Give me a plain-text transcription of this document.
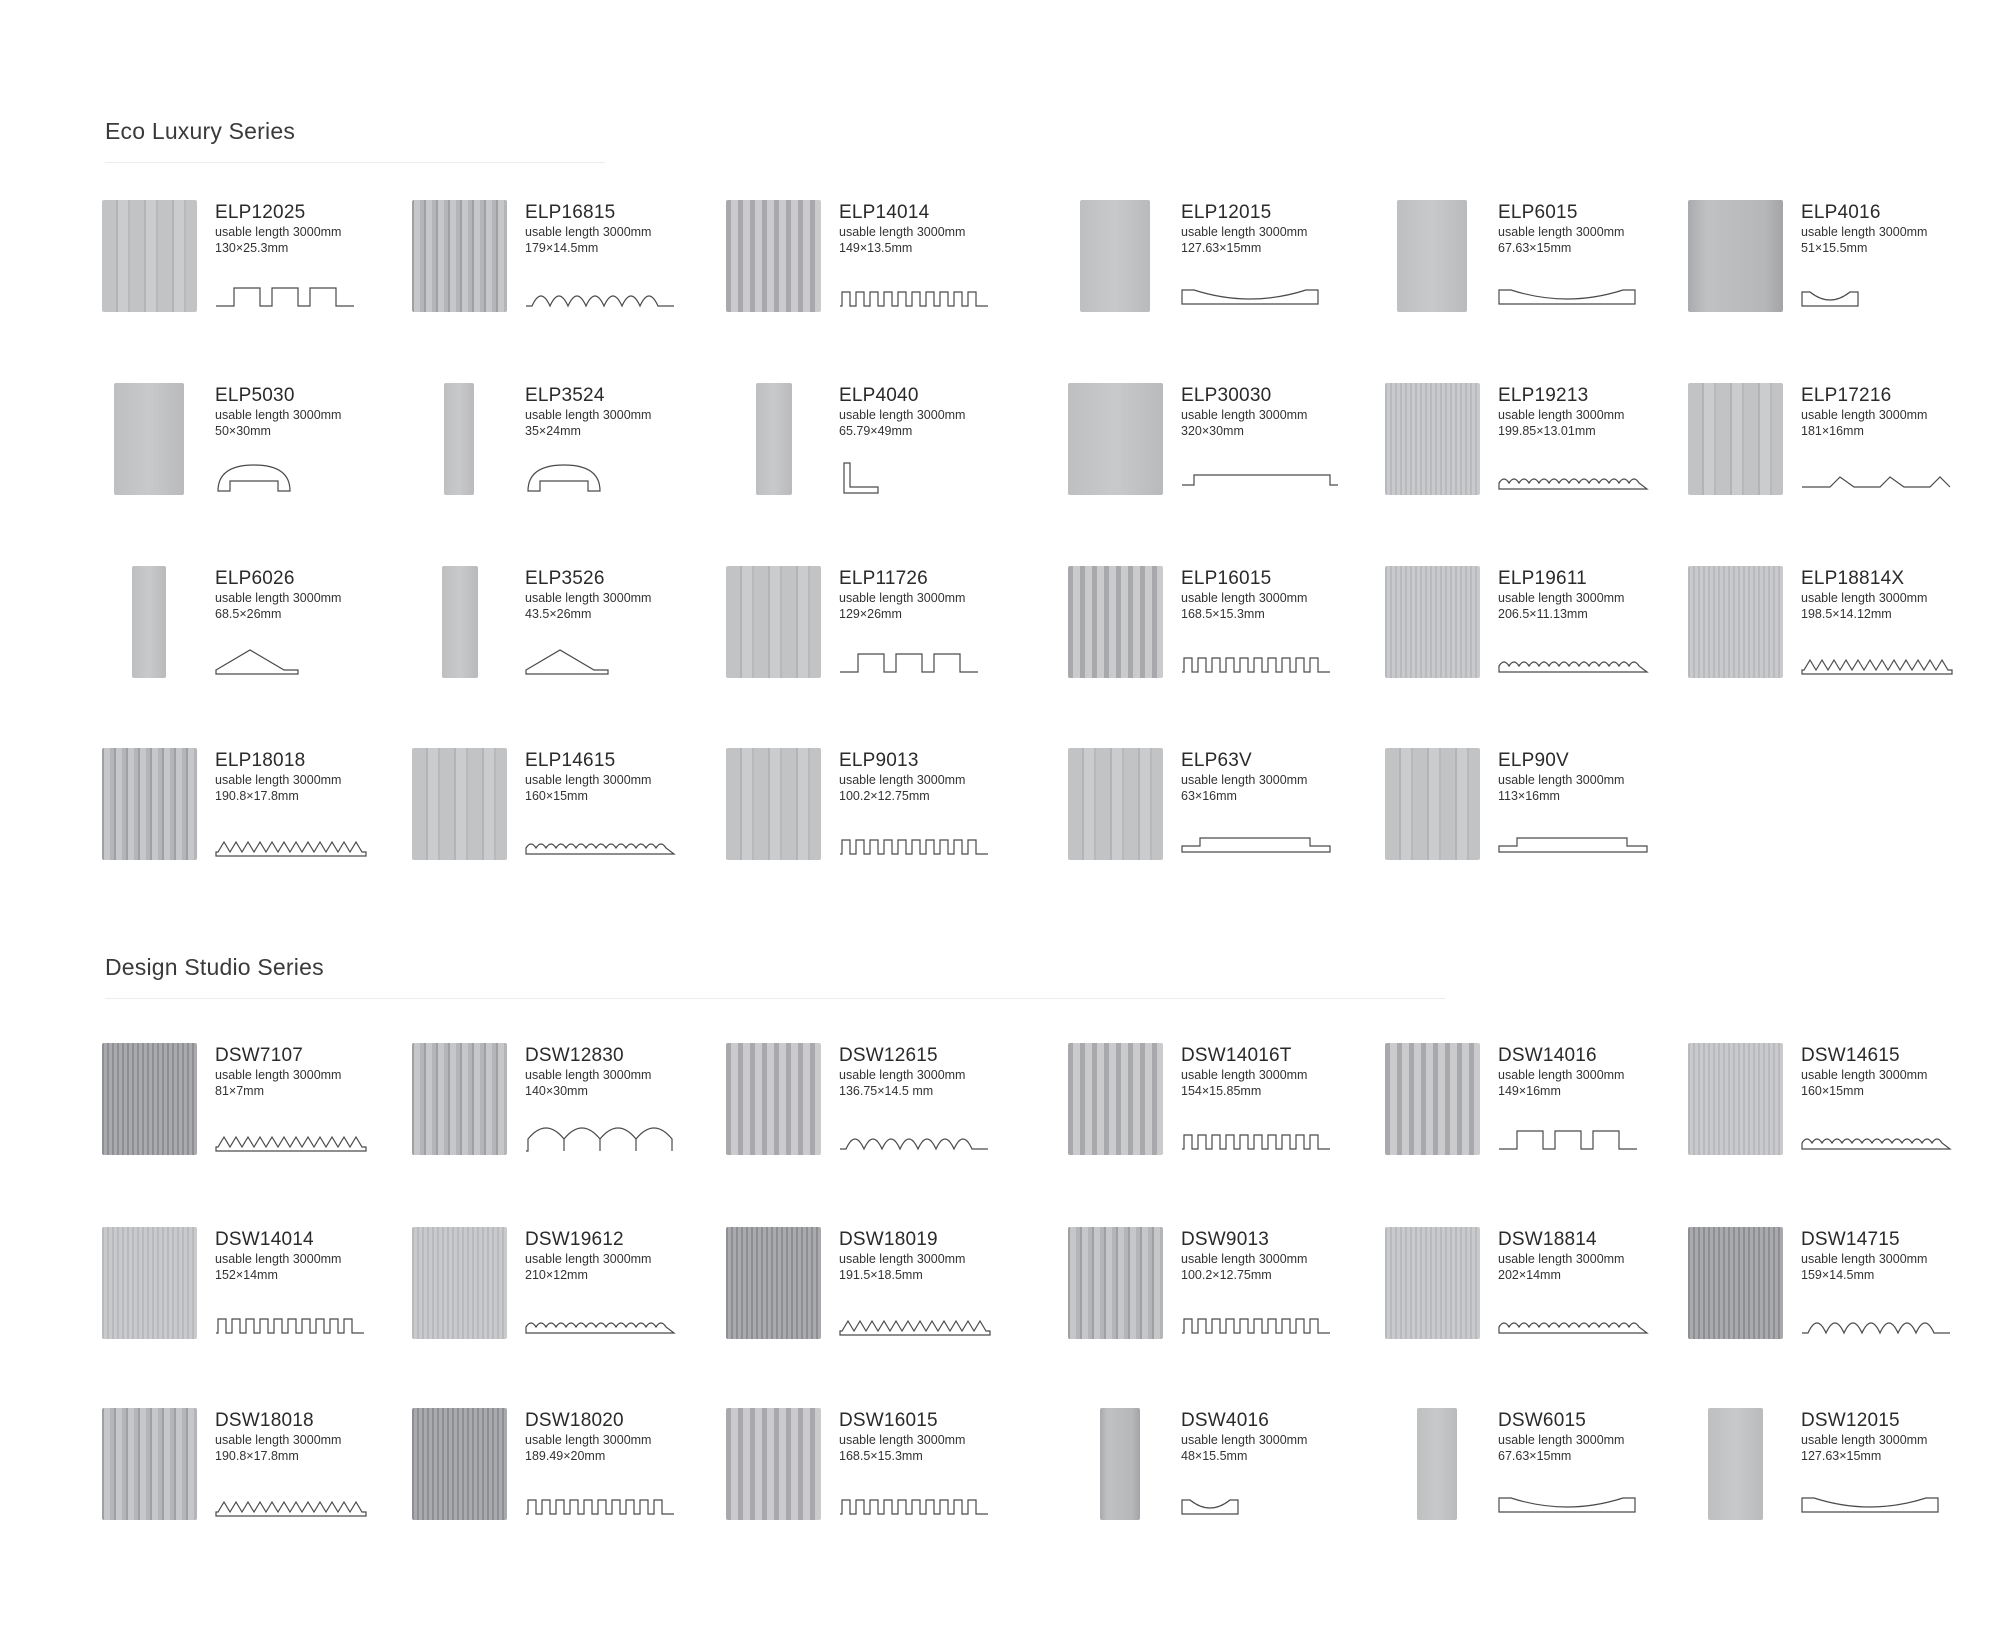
Eco Luxury Series
Design Studio Series
ELP12025
usable length 3000mm
130×25.3mm
ELP16815
usable length 3000mm
179×14.5mm
ELP14014
usable length 3000mm
149×13.5mm
ELP12015
usable length 3000mm
127.63×15mm
ELP6015
usable length 3000mm
67.63×15mm
ELP4016
usable length 3000mm
51×15.5mm
ELP5030
usable length 3000mm
50×30mm
ELP3524
usable length 3000mm
35×24mm
ELP4040
usable length 3000mm
65.79×49mm
ELP30030
usable length 3000mm
320×30mm
ELP19213
usable length 3000mm
199.85×13.01mm
ELP17216
usable length 3000mm
181×16mm
ELP6026
usable length 3000mm
68.5×26mm
ELP3526
usable length 3000mm
43.5×26mm
ELP11726
usable length 3000mm
129×26mm
ELP16015
usable length 3000mm
168.5×15.3mm
ELP19611
usable length 3000mm
206.5×11.13mm
ELP18814X
usable length 3000mm
198.5×14.12mm
ELP18018
usable length 3000mm
190.8×17.8mm
ELP14615
usable length 3000mm
160×15mm
ELP9013
usable length 3000mm
100.2×12.75mm
ELP63V
usable length 3000mm
63×16mm
ELP90V
usable length 3000mm
113×16mm
DSW7107
usable length 3000mm
81×7mm
DSW12830
usable length 3000mm
140×30mm
DSW12615
usable length 3000mm
136.75×14.5 mm
DSW14016T
usable length 3000mm
154×15.85mm
DSW14016
usable length 3000mm
149×16mm
DSW14615
usable length 3000mm
160×15mm
DSW14014
usable length 3000mm
152×14mm
DSW19612
usable length 3000mm
210×12mm
DSW18019
usable length 3000mm
191.5×18.5mm
DSW9013
usable length 3000mm
100.2×12.75mm
DSW18814
usable length 3000mm
202×14mm
DSW14715
usable length 3000mm
159×14.5mm
DSW18018
usable length 3000mm
190.8×17.8mm
DSW18020
usable length 3000mm
189.49×20mm
DSW16015
usable length 3000mm
168.5×15.3mm
DSW4016
usable length 3000mm
48×15.5mm
DSW6015
usable length 3000mm
67.63×15mm
DSW12015
usable length 3000mm
127.63×15mm
